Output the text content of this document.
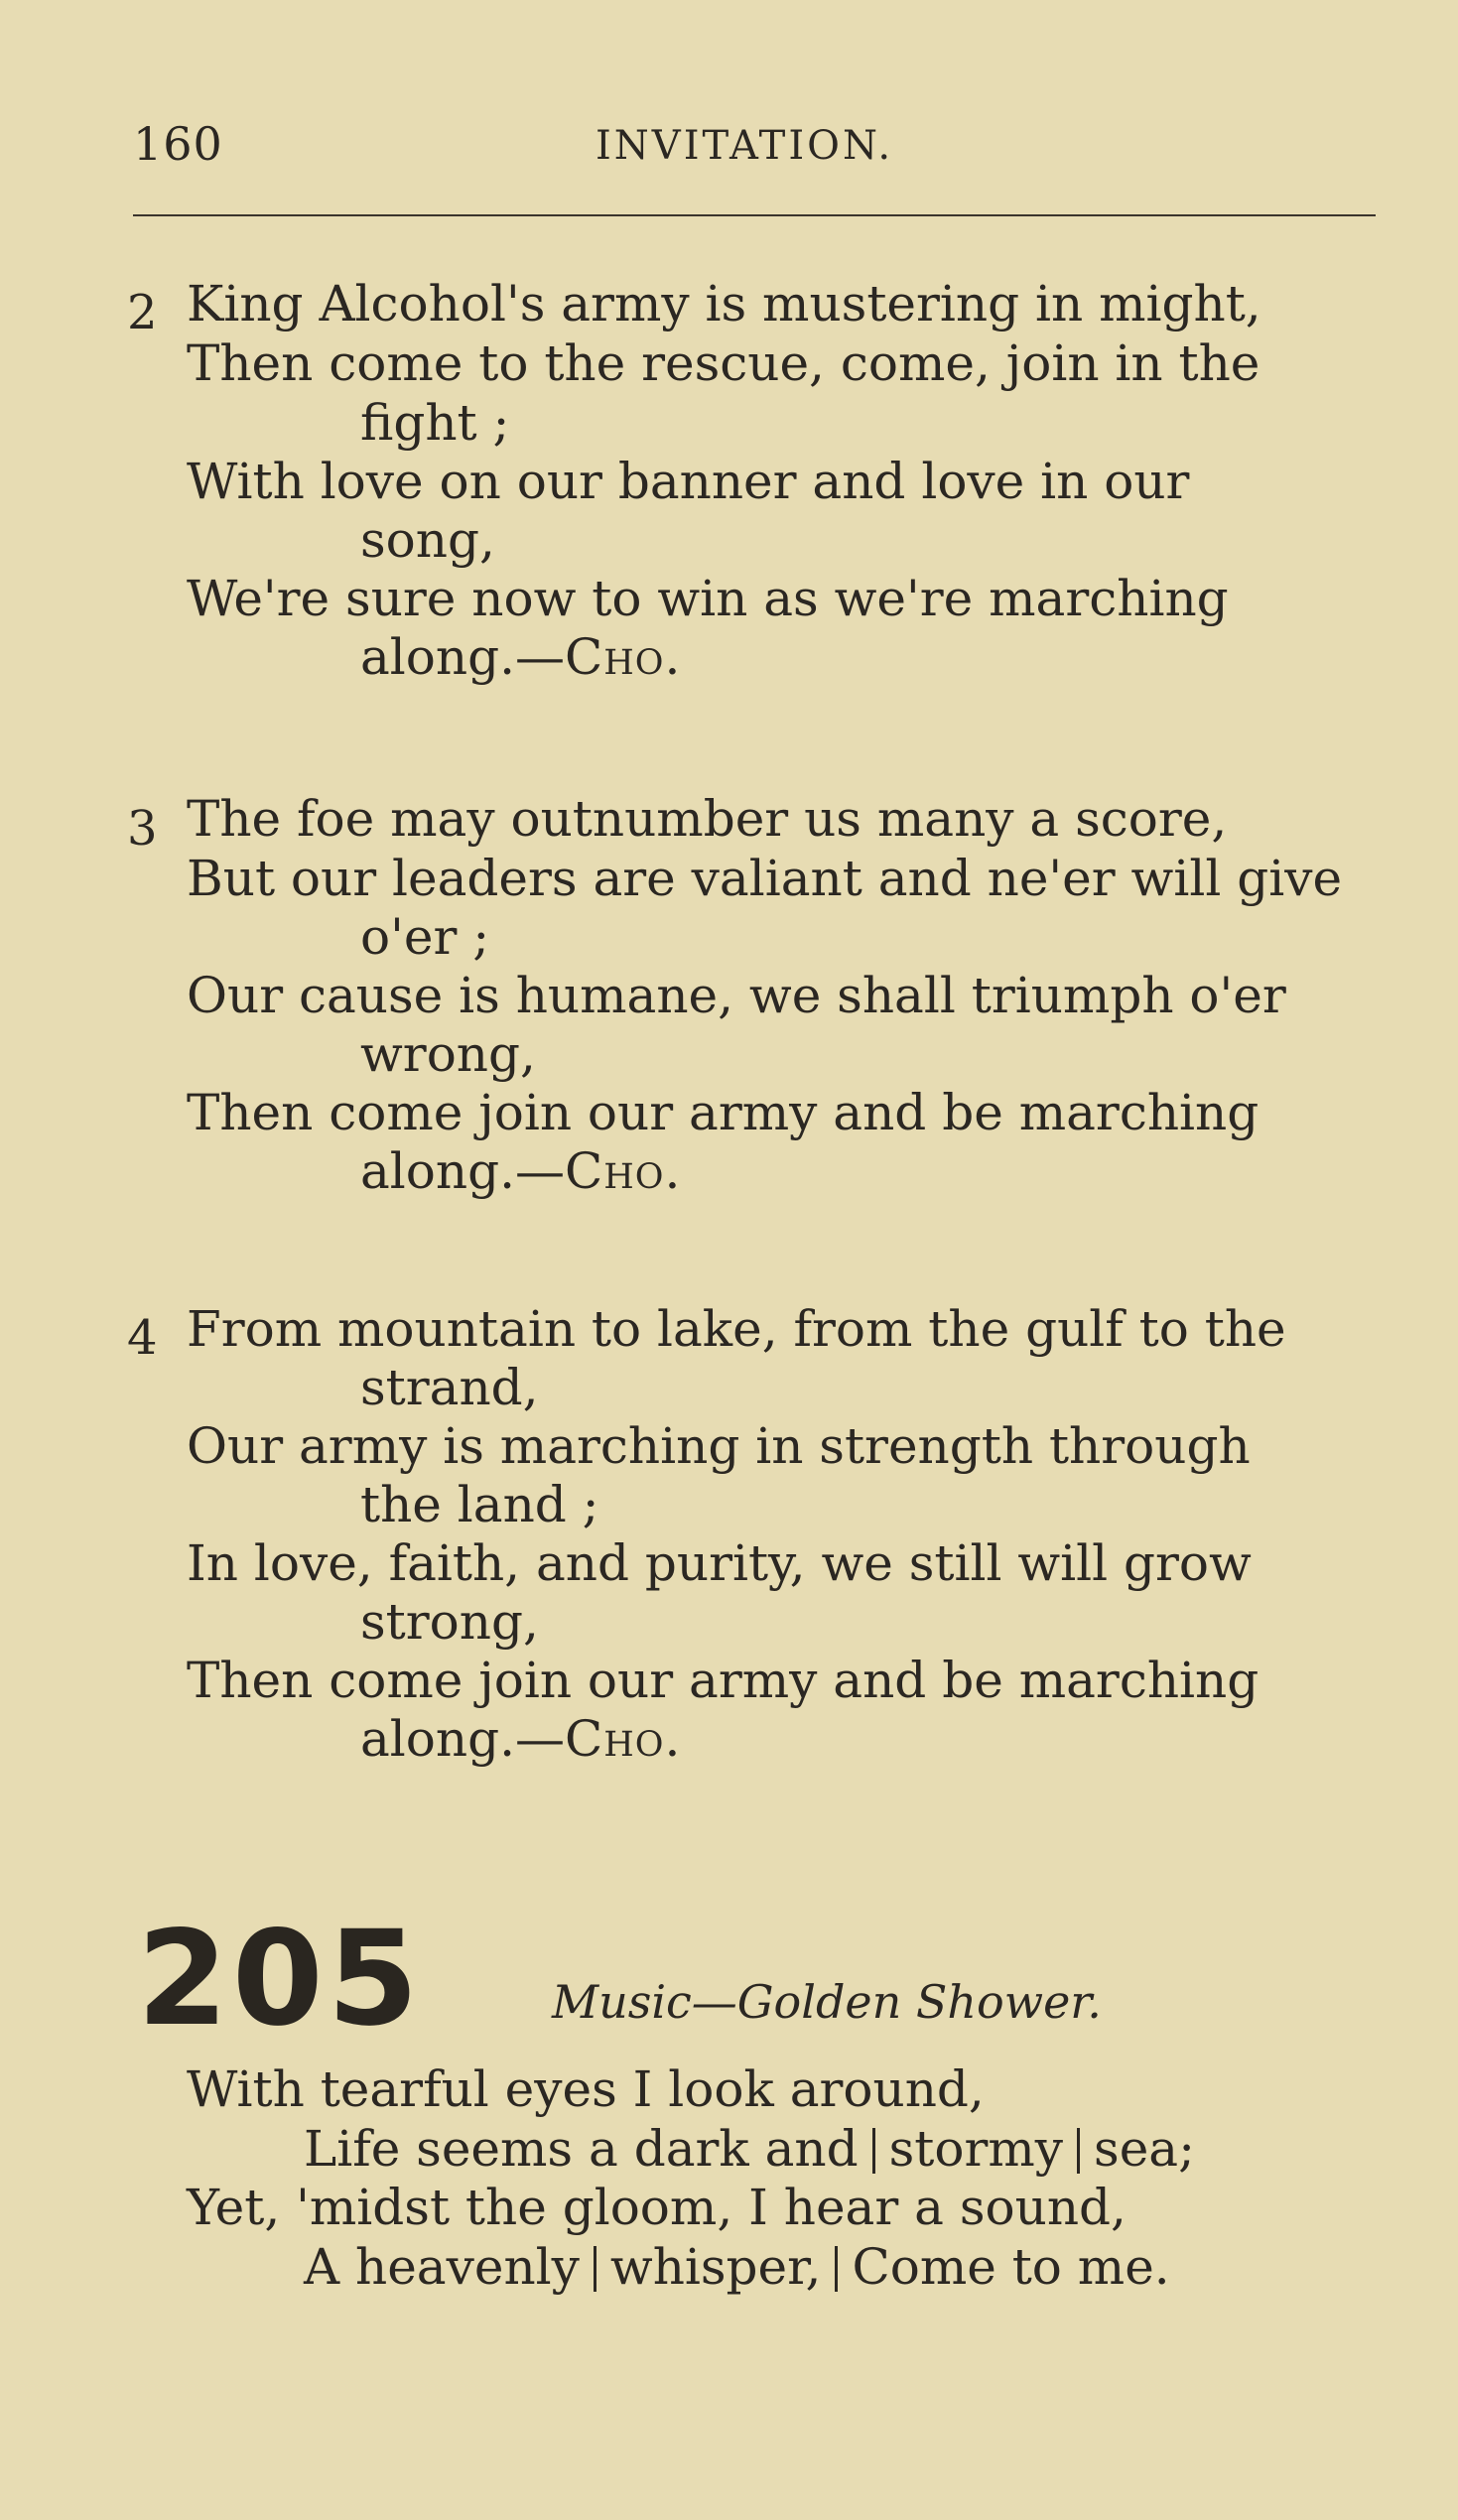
160	INVITATION.
2 King Alcohol's army is mustering in might,
Then come to the rescue, come, join in the
fight ;
With love on our banner and love in our
song,
We're sure now to win as we're marching
along.—Cho.
3 The foe may outnumber us many a score,
But our leaders are valiant and ne'er will give
o'er ;
Our cause is humane, we shall triumph o'er
wrong,
Then come join our army and be marching
along.—Cho.
4 From mountain to lake, from the gulf to the
strand,
Our army is marching in strength through
the land ;
In love, faith, and purity, we still will grow
strong,
Then come join our army and be marching
along.—Cho.
205	Music—Golden Shower.
With tearful eyes I look around,
Life seems a dark and stormy sea;
Yet, 'midst the gloom, I hear a sound,
A heavenly whisper, Come to me.
